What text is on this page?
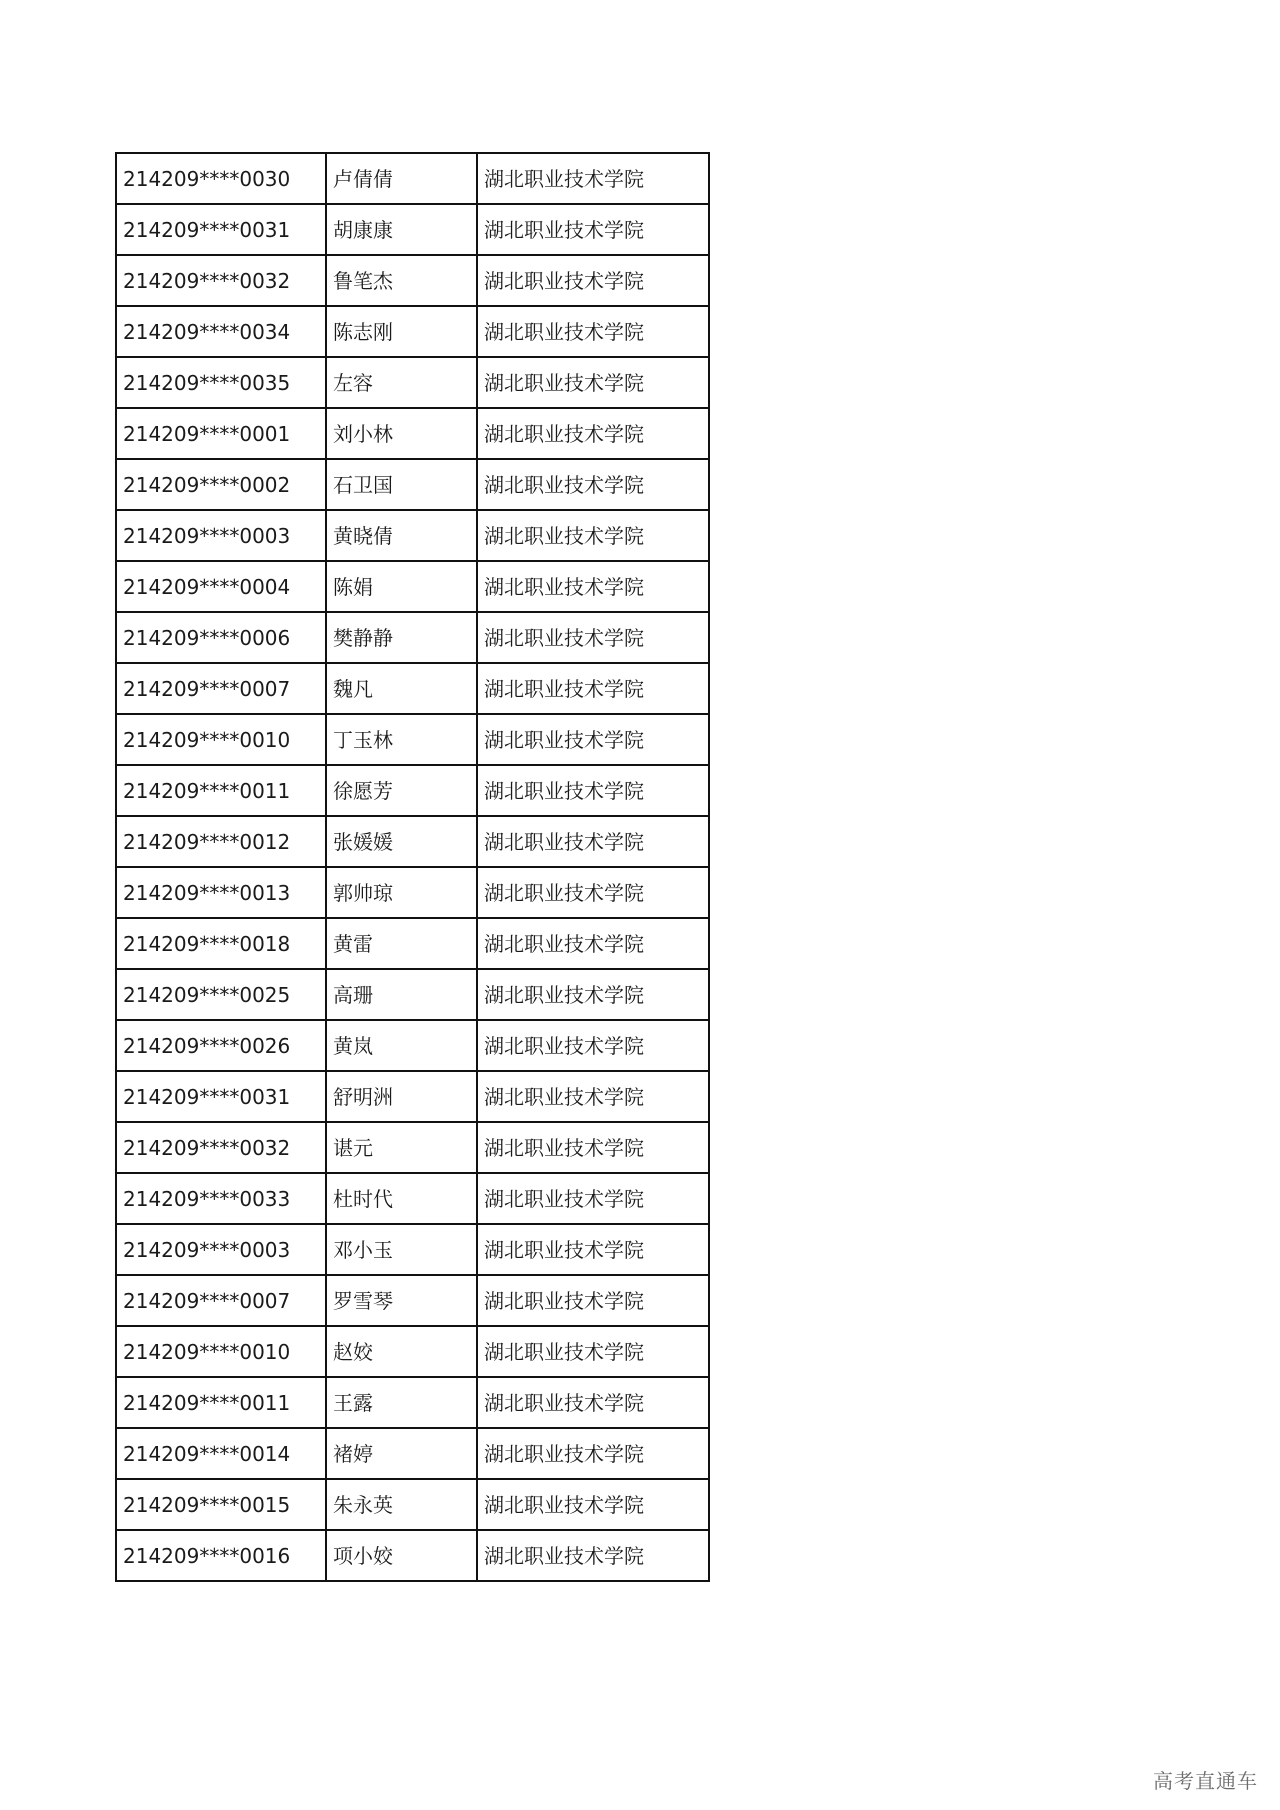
214209****0030	卢倩倩	湖北职业技术学院
214209****0031	胡康康	湖北职业技术学院
214209****0032	鲁笔杰	湖北职业技术学院
214209****0034	陈志刚	湖北职业技术学院
214209****0035	左容	湖北职业技术学院
214209****0001	刘小林	湖北职业技术学院
214209****0002	石卫国	湖北职业技术学院
214209****0003	黄晓倩	湖北职业技术学院
214209****0004	陈娟	湖北职业技术学院
214209****0006	樊静静	湖北职业技术学院
214209****0007	魏凡	湖北职业技术学院
214209****0010	丁玉林	湖北职业技术学院
214209****0011	徐愿芳	湖北职业技术学院
214209****0012	张媛媛	湖北职业技术学院
214209****0013	郭帅琼	湖北职业技术学院
214209****0018	黄雷	湖北职业技术学院
214209****0025	高珊	湖北职业技术学院
214209****0026	黄岚	湖北职业技术学院
214209****0031	舒明洲	湖北职业技术学院
214209****0032	谌元	湖北职业技术学院
214209****0033	杜时代	湖北职业技术学院
214209****0003	邓小玉	湖北职业技术学院
214209****0007	罗雪琴	湖北职业技术学院
214209****0010	赵姣	湖北职业技术学院
214209****0011	王露	湖北职业技术学院
214209****0014	褚婷	湖北职业技术学院
214209****0015	朱永英	湖北职业技术学院
214209****0016	项小姣	湖北职业技术学院
高考直通车
